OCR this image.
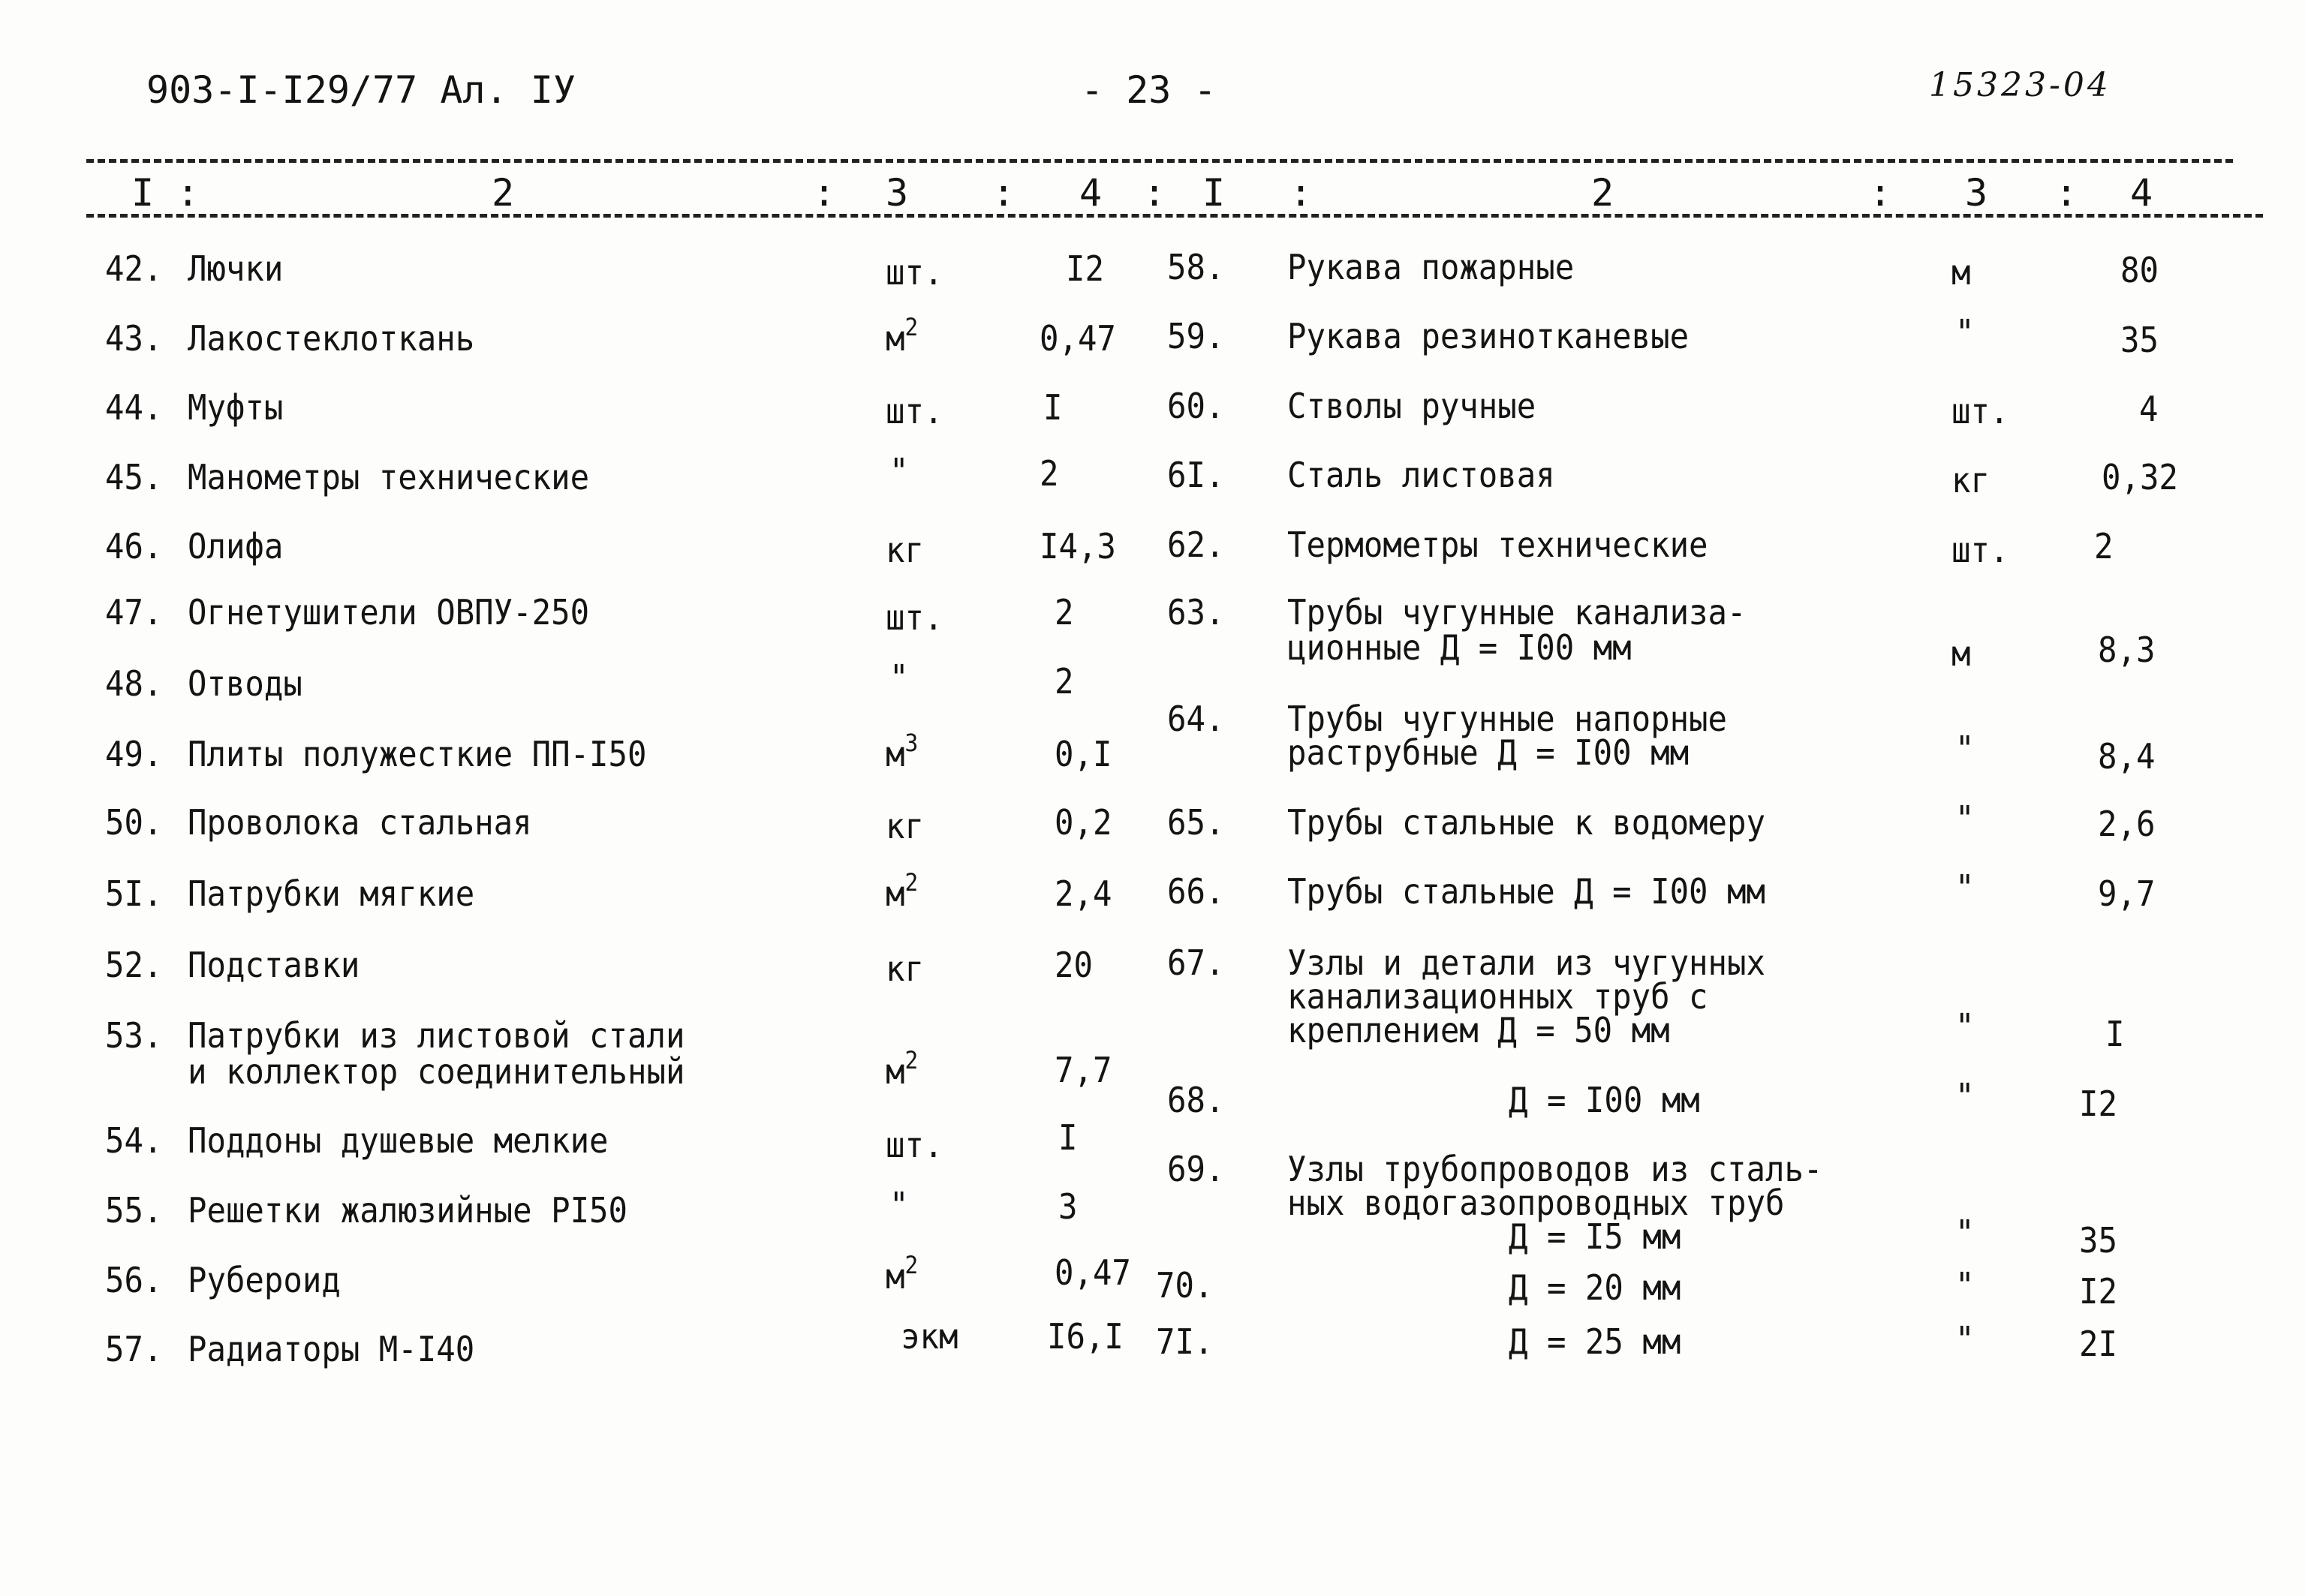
903-I-I29/77 Ал. IУ	- 23 -	15323-04
I :	2	: 3 : 4 : I :	2	: 3 : 4
42. Лючки	шт.	I2
43. Лакостеклоткань	$м^2$	0,47
44. Муфты	шт.	I
45. Манометры технические	"	2
46. Олифа	кг	I4,3
47. Огнетушители ОВПУ-250	шт.	2
48. Отводы	"	2
49. Плиты полужесткие ПП-I50	$м^3$	0,I
50. Проволока стальная	кг	0,2
5I. Патрубки мягкие	$м^2$	2,4
52. Подставки	кг	20
53. Патрубки из листовой стали
и коллектор соединительный	$м^2$	7,7
54. Поддоны душевые мелкие	шт.	I
55. Решетки жалюзийные PI50	"	3
56. Рубероид	$м^2$	0,47
57. Радиаторы М-I40	экм	I6,I
58. Рукава пожарные	м	80
59. Рукава резинотканевые	"	35
60. Стволы ручные	шт.	4
6I. Сталь листовая	кг	0,32
62. Термометры технические	шт. 2
63. Трубы чугунные канализа-
ционные Д = I00 мм	м	8,3
64. Трубы чугунные напорные
раструбные Д = I00 мм	"	8,4
65. Трубы стальные к водомеру	"	2,6
66. Трубы стальные Д = I00 мм	"	9,7
67. Узлы и детали из чугунных
канализационных труб с
креплением Д = 50 мм	"	I
68.	Д = I00 мм	"	I2
69. Узлы трубопроводов из сталь-
ных водогазопроводных труб
Д = I5 мм	"	35
70.	Д = 20 мм	"	I2
7I.	Д = 25 мм	"	2I
